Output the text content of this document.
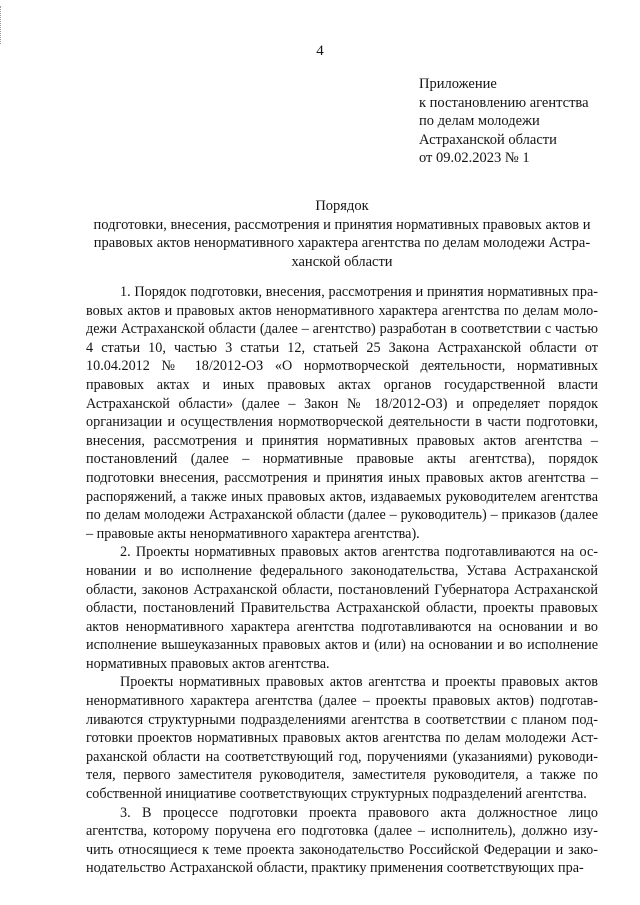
4
Приложение
к постановлению агентства
по делам молодежи
Астраханской области
от 09.02.2023 № 1
Порядок
подготовки, внесения, рассмотрения и принятия нормативных правовых актов и правовых актов ненормативного характера агентства по делам молодежи Астраханской области

1. Порядок подготовки, внесения, рассмотрения и принятия нормативных правовых актов и правовых актов ненормативного характера агентства по делам молодежи Астраханской области (далее – агентство) разработан в соответствии с частью 4 статьи 10, частью 3 статьи 12, статьей 25 Закона Астраханской области от 10.04.2012 № 18/2012-ОЗ «О нормотворческой деятельности, нормативных правовых актах и иных правовых актах органов государственной власти Астраханской области» (далее – Закон № 18/2012-ОЗ) и определяет порядок организации и осуществления нормотворческой деятельности в части подготовки, внесения, рассмотрения и принятия нормативных правовых актов агентства – постановлений (далее – нормативные правовые акты агентства), порядок подготовки внесения, рассмотрения и принятия иных правовых актов агентства – распоряжений, а также иных правовых актов, издаваемых руководителем агентства по делам молодежи Астраханской области (далее – руководитель) – приказов (далее – правовые акты ненормативного характера агентства).

2. Проекты нормативных правовых актов агентства подготавливаются на основании и во исполнение федерального законодательства, Устава Астраханской области, законов Астраханской области, постановлений Губернатора Астраханской области, постановлений Правительства Астраханской области, проекты правовых актов ненормативного характера агентства подготавливаются на основании и во исполнение вышеуказанных правовых актов и (или) на основании и во исполнение нормативных правовых актов агентства.

Проекты нормативных правовых актов агентства и проекты правовых актов ненормативного характера агентства (далее – проекты правовых актов) подготавливаются структурными подразделениями агентства в соответствии с планом подготовки проектов нормативных правовых актов агентства по делам молодежи Астраханской области на соответствующий год, поручениями (указаниями) руководителя, первого заместителя руководителя, заместителя руководителя, а также по собственной инициативе соответствующих структурных подразделений агентства.

3. В процессе подготовки проекта правового акта должностное лицо агентства, которому поручена его подготовка (далее – исполнитель), должно изучить относящиеся к теме проекта законодательство Российской Федерации и законодательство Астраханской области, практику применения соответствующих пра-
